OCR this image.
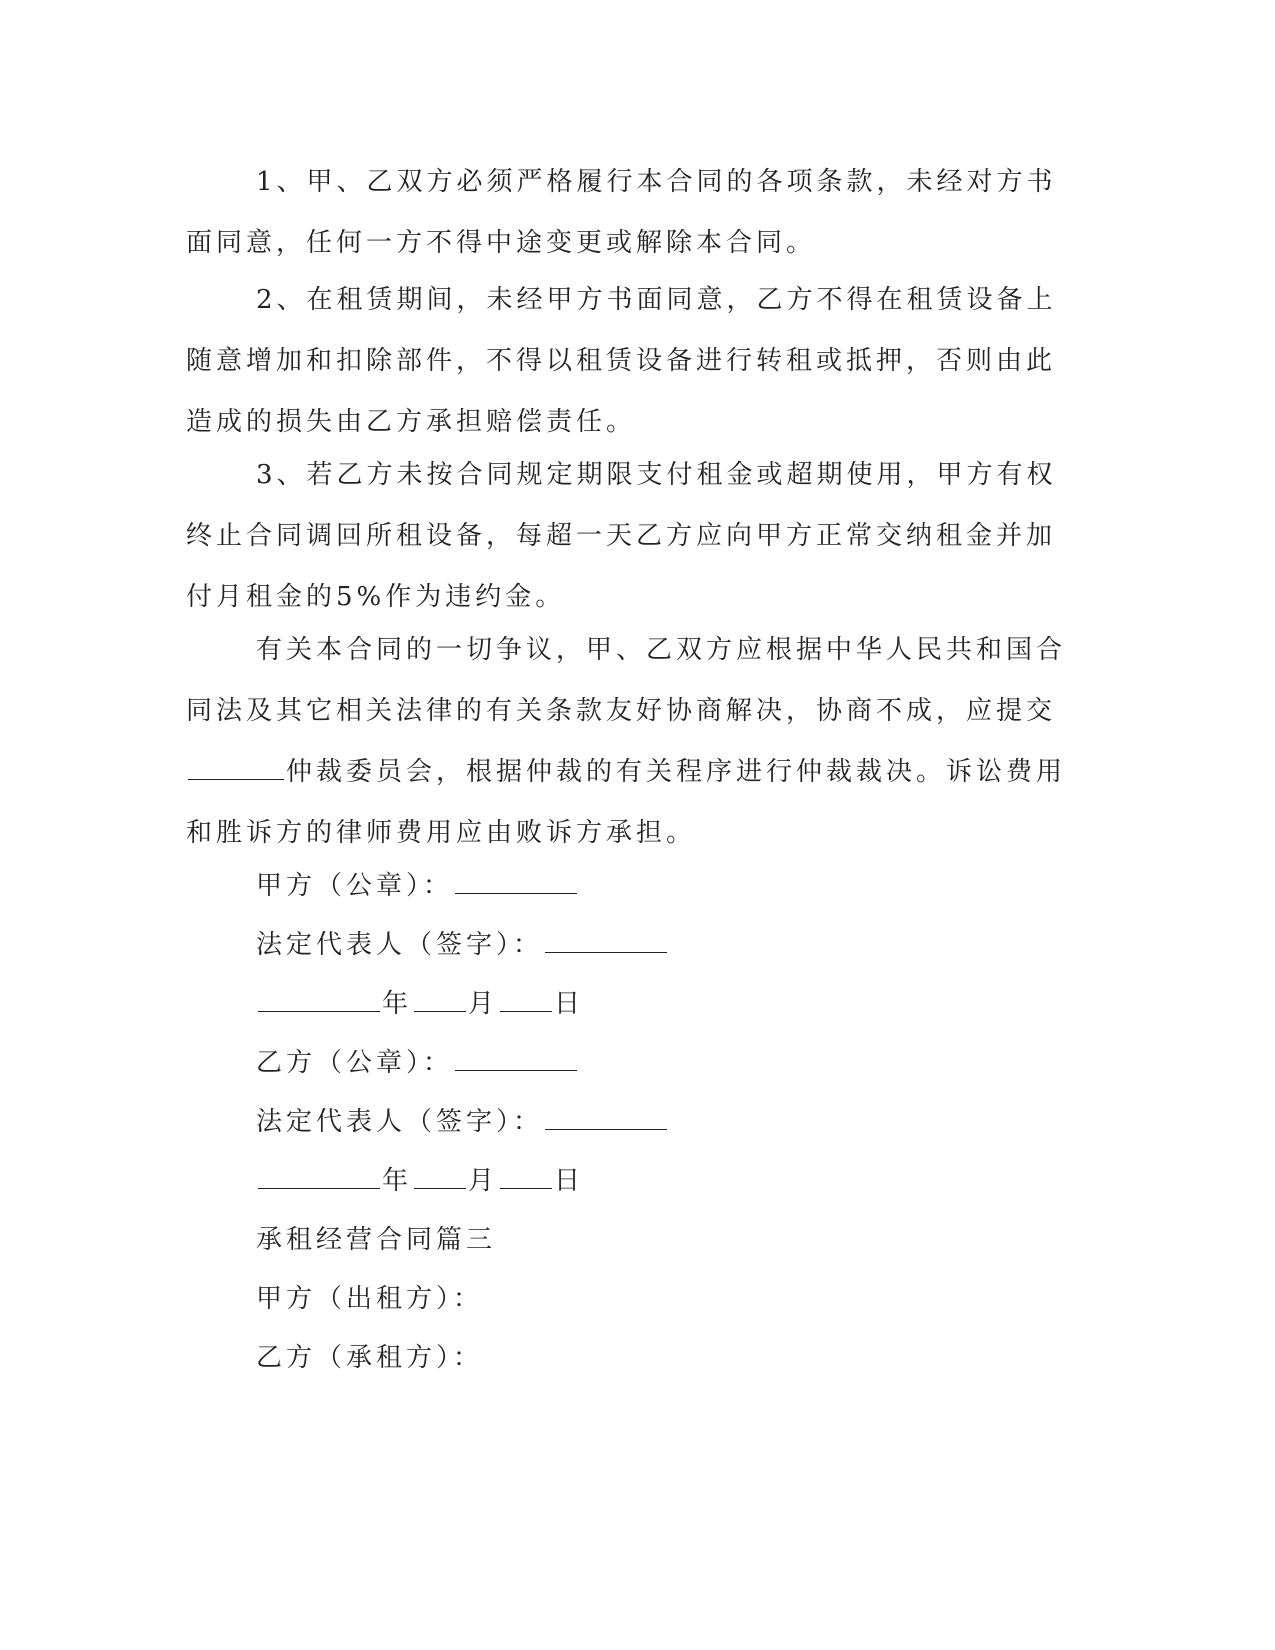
1、甲、乙双方必须严格履行本合同的各项条款，未经对方书面同意，任何一方不得中途变更或解除本合同。

2、在租赁期间，未经甲方书面同意，乙方不得在租赁设备上随意增加和扣除部件，不得以租赁设备进行转租或抵押，否则由此造成的损失由乙方承担赔偿责任。

3、若乙方未按合同规定期限支付租金或超期使用，甲方有权终止合同调回所租设备，每超一天乙方应向甲方正常交纳租金并加付月租金的5%作为违约金。

有关本合同的一切争议，甲、乙双方应根据中华人民共和国合同法及其它相关法律的有关条款友好协商解决，协商不成，应提交仲裁委员会，根据仲裁的有关程序进行仲裁裁决。诉讼费用和胜诉方的律师费用应由败诉方承担。

甲方（公章）：

法定代表人（签字）：

年 月 日

乙方（公章）：

法定代表人（签字）：

年 月 日

承租经营合同篇三

甲方（出租方）：

乙方（承租方）：
